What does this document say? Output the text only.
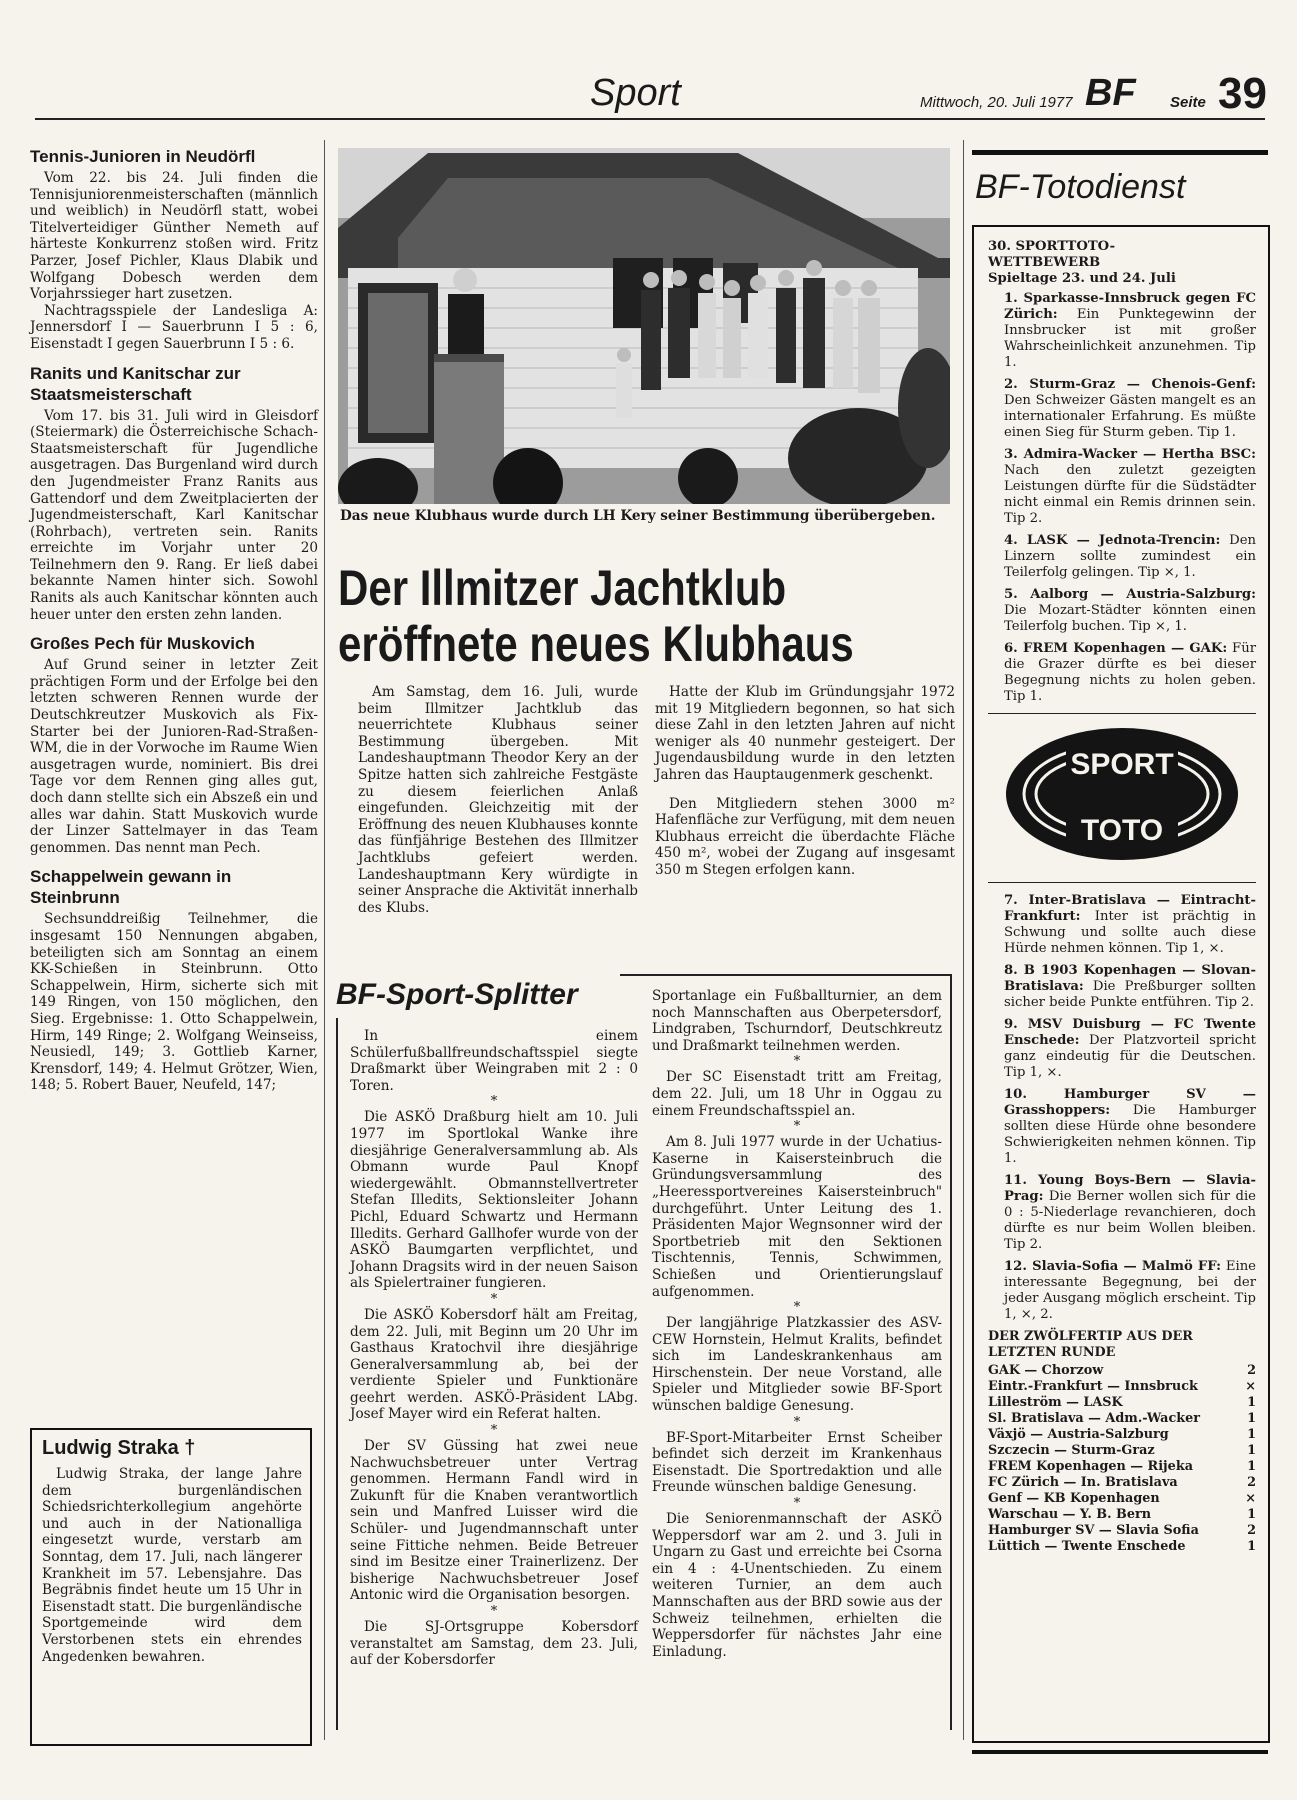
Sport	Mittwoch, 20. Juli 1977 BF Seite 39
Tennis-Junioren in Neudörfl

Vom 22. bis 24. Juli finden die Tennisjuniorenmeisterschaften (männlich und weiblich) in Neudörfl statt, wobei Titelverteidiger Günther Nemeth auf härteste Konkurrenz stoßen wird. Fritz Parzer, Josef Pichler, Klaus Dlabik und Wolfgang Dobesch werden dem Vorjahrssieger hart zusetzen.

Nachtragsspiele der Landesliga A: Jennersdorf I — Sauerbrunn I 5 : 6, Eisenstadt I gegen Sauerbrunn I 5 : 6.

Ranits und Kanitschar zur Staatsmeisterschaft

Vom 17. bis 31. Juli wird in Gleisdorf (Steiermark) die Österreichische Schach-Staatsmeisterschaft für Jugendliche ausgetragen. Das Burgenland wird durch den Jugendmeister Franz Ranits aus Gattendorf und dem Zweitplacierten der Jugendmeisterschaft, Karl Kanitschar (Rohrbach), vertreten sein. Ranits erreichte im Vorjahr unter 20 Teilnehmern den 9. Rang. Er ließ dabei bekannte Namen hinter sich. Sowohl Ranits als auch Kanitschar könnten auch heuer unter den ersten zehn landen.

Großes Pech für Muskovich

Auf Grund seiner in letzter Zeit prächtigen Form und der Erfolge bei den letzten schweren Rennen wurde der Deutschkreutzer Muskovich als Fix-Starter bei der Junioren-Rad-Straßen-WM, die in der Vorwoche im Raume Wien ausgetragen wurde, nominiert. Bis drei Tage vor dem Rennen ging alles gut, doch dann stellte sich ein Abszeß ein und alles war dahin. Statt Muskovich wurde der Linzer Sattelmayer in das Team genommen. Das nennt man Pech.

Schappelwein gewann in Steinbrunn

Sechsunddreißig Teilnehmer, die insgesamt 150 Nennungen abgaben, beteiligten sich am Sonntag an einem KK-Schießen in Steinbrunn. Otto Schappelwein, Hirm, sicherte sich mit 149 Ringen, von 150 möglichen, den Sieg. Ergebnisse: 1. Otto Schappelwein, Hirm, 149 Ringe; 2. Wolfgang Weinseiss, Neusiedl, 149; 3. Gottlieb Karner, Krensdorf, 149; 4. Helmut Grötzer, Wien, 148; 5. Robert Bauer, Neufeld, 147;

Ludwig Straka †

Ludwig Straka, der lange Jahre dem burgenländischen Schiedsrichterkollegium angehörte und auch in der Nationalliga eingesetzt wurde, verstarb am Sonntag, dem 17. Juli, nach längerer Krankheit im 57. Lebensjahre. Das Begräbnis findet heute um 15 Uhr in Eisenstadt statt. Die burgenländische Sportgemeinde wird dem Verstorbenen stets ein ehrendes Angedenken bewahren.

Das neue Klubhaus wurde durch LH Kery seiner Bestimmung überübergeben.
Der Illmitzer Jachtklub
eröffnete neues Klubhaus

Am Samstag, dem 16. Juli, wurde beim Illmitzer Jachtklub das neuerrichtete Klubhaus seiner Bestimmung übergeben. Mit Landeshauptmann Theodor Kery an der Spitze hatten sich zahlreiche Festgäste zu diesem feierlichen Anlaß eingefunden. Gleichzeitig mit der Eröffnung des neuen Klubhauses konnte das fünfjährige Bestehen des Illmitzer Jachtklubs gefeiert werden. Landeshauptmann Kery würdigte in seiner Ansprache die Aktivität innerhalb des Klubs.

Hatte der Klub im Gründungsjahr 1972 mit 19 Mitgliedern begonnen, so hat sich diese Zahl in den letzten Jahren auf nicht weniger als 40 nunmehr gesteigert. Der Jugendausbildung wurde in den letzten Jahren das Hauptaugenmerk geschenkt.

Den Mitgliedern stehen 3000 m² Hafenfläche zur Verfügung, mit dem neuen Klubhaus erreicht die überdachte Fläche 450 m², wobei der Zugang auf insgesamt 350 m Stegen erfolgen kann.

BF-Sport-Splitter

In einem Schülerfußballfreundschaftsspiel siegte Draßmarkt über Weingraben mit 2 : 0 Toren.

*

Die ASKÖ Draßburg hielt am 10. Juli 1977 im Sportlokal Wanke ihre diesjährige Generalversammlung ab. Als Obmann wurde Paul Knopf wiedergewählt. Obmannstellvertreter Stefan Illedits, Sektionsleiter Johann Pichl, Eduard Schwartz und Hermann Illedits. Gerhard Gallhofer wurde von der ASKÖ Baumgarten verpflichtet, und Johann Dragsits wird in der neuen Saison als Spielertrainer fungieren.

*

Die ASKÖ Kobersdorf hält am Freitag, dem 22. Juli, mit Beginn um 20 Uhr im Gasthaus Kratochvil ihre diesjährige Generalversammlung ab, bei der verdiente Spieler und Funktionäre geehrt werden. ASKÖ-Präsident LAbg. Josef Mayer wird ein Referat halten.

*

Der SV Güssing hat zwei neue Nachwuchsbetreuer unter Vertrag genommen. Hermann Fandl wird in Zukunft für die Knaben verantwortlich sein und Manfred Luisser wird die Schüler- und Jugendmannschaft unter seine Fittiche nehmen. Beide Betreuer sind im Besitze einer Trainerlizenz. Der bisherige Nachwuchsbetreuer Josef Antonic wird die Organisation besorgen.

*

Die SJ-Ortsgruppe Kobersdorf veranstaltet am Samstag, dem 23. Juli, auf der Kobersdorfer

Sportanlage ein Fußballturnier, an dem noch Mannschaften aus Oberpetersdorf, Lindgraben, Tschurndorf, Deutschkreutz und Draßmarkt teilnehmen werden.

*

Der SC Eisenstadt tritt am Freitag, dem 22. Juli, um 18 Uhr in Oggau zu einem Freundschaftsspiel an.

*

Am 8. Juli 1977 wurde in der Uchatius-Kaserne in Kaisersteinbruch die Gründungsversammlung des „Heeressportvereines Kaisersteinbruch" durchgeführt. Unter Leitung des 1. Präsidenten Major Wegnsonner wird der Sportbetrieb mit den Sektionen Tischtennis, Tennis, Schwimmen, Schießen und Orientierungslauf aufgenommen.

*

Der langjährige Platzkassier des ASV-CEW Hornstein, Helmut Kralits, befindet sich im Landeskrankenhaus am Hirschenstein. Der neue Vorstand, alle Spieler und Mitglieder sowie BF-Sport wünschen baldige Genesung.

*

BF-Sport-Mitarbeiter Ernst Scheiber befindet sich derzeit im Krankenhaus Eisenstadt. Die Sportredaktion und alle Freunde wünschen baldige Genesung.

*

Die Seniorenmannschaft der ASKÖ Weppersdorf war am 2. und 3. Juli in Ungarn zu Gast und erreichte bei Csorna ein 4 : 4-Unentschieden. Zu einem weiteren Turnier, an dem auch Mannschaften aus der BRD sowie aus der Schweiz teilnehmen, erhielten die Weppersdorfer für nächstes Jahr eine Einladung.

BF-Totodienst
30. SPORTTOTO-WETTBEWERB
Spieltage 23. und 24. Juli

1. Sparkasse-Innsbruck gegen FC Zürich: Ein Punktegewinn der Innsbrucker ist mit großer Wahrscheinlichkeit anzunehmen. Tip 1.

2. Sturm-Graz — Chenois-Genf: Den Schweizer Gästen mangelt es an internationaler Erfahrung. Es müßte einen Sieg für Sturm geben. Tip 1.

3. Admira-Wacker — Hertha BSC: Nach den zuletzt gezeigten Leistungen dürfte für die Südstädter nicht einmal ein Remis drinnen sein. Tip 2.

4. LASK — Jednota-Trencin: Den Linzern sollte zumindest ein Teilerfolg gelingen. Tip ×, 1.

5. Aalborg — Austria-Salzburg: Die Mozart-Städter könnten einen Teilerfolg buchen. Tip ×, 1.

6. FREM Kopenhagen — GAK: Für die Grazer dürfte es bei dieser Begegnung nichts zu holen geben. Tip 1.

SPORT
TOTO

7. Inter-Bratislava — Eintracht-Frankfurt: Inter ist prächtig in Schwung und sollte auch diese Hürde nehmen können. Tip 1, ×.

8. B 1903 Kopenhagen — Slovan-Bratislava: Die Preßburger sollten sicher beide Punkte entführen. Tip 2.

9. MSV Duisburg — FC Twente Enschede: Der Platzvorteil spricht ganz eindeutig für die Deutschen. Tip 1, ×.

10. Hamburger SV — Grasshoppers: Die Hamburger sollten diese Hürde ohne besondere Schwierigkeiten nehmen können. Tip 1.

11. Young Boys-Bern — Slavia-Prag: Die Berner wollen sich für die 0 : 5-Niederlage revanchieren, doch dürfte es nur beim Wollen bleiben. Tip 2.

12. Slavia-Sofia — Malmö FF: Eine interessante Begegnung, bei der jeder Ausgang möglich erscheint. Tip 1, ×, 2.

DER ZWÖLFERTIP AUS DER LETZTEN RUNDE
GAK — Chorzow	2
Eintr.-Frankfurt — Innsbruck	×
Lilleström — LASK	1
Sl. Bratislava — Adm.-Wacker	1
Växjö — Austria-Salzburg	1
Szczecin — Sturm-Graz	1
FREM Kopenhagen — Rijeka	1
FC Zürich — In. Bratislava	2
Genf — KB Kopenhagen	×
Warschau — Y. B. Bern	1
Hamburger SV — Slavia Sofia	2
Lüttich — Twente Enschede	1
